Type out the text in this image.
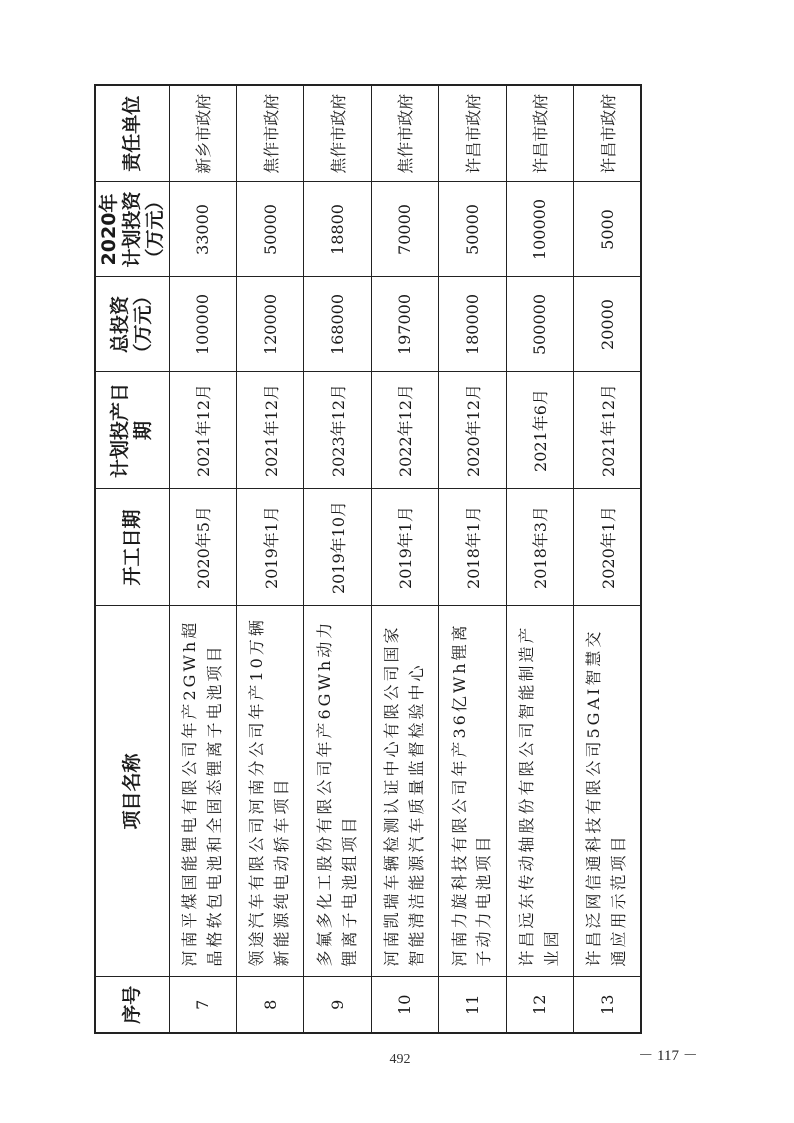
序号	项目名称	开工日期	计划投产日期	总投资（万元）	2020年计划投资（万元）	责任单位
7	河南平煤国能锂电有限公司年产2GWh超晶格软包电池和全固态锂离子电池项目	2020年5月	2021年12月	100000	33000	新乡市政府
8	领途汽车有限公司河南分公司年产10万辆新能源纯电动轿车项目	2019年1月	2021年12月	120000	50000	焦作市政府
9	多氟多化工股份有限公司年产6GWh动力锂离子电池组项目	2019年10月	2023年12月	168000	18800	焦作市政府
10	河南凯瑞车辆检测认证中心有限公司国家智能清洁能源汽车质量监督检验中心	2019年1月	2022年12月	197000	70000	焦作市政府
11	河南力旋科技有限公司年产36亿Wh锂离子动力电池项目	2018年1月	2020年12月	180000	50000	许昌市政府
12	许昌远东传动轴股份有限公司智能制造产业园	2018年3月	2021年6月	500000	100000	许昌市政府
13	许昌泛网信通科技有限公司5GAI智慧交通应用示范项目	2020年1月	2021年12月	20000	5000	许昌市政府
492	－ 117 －
